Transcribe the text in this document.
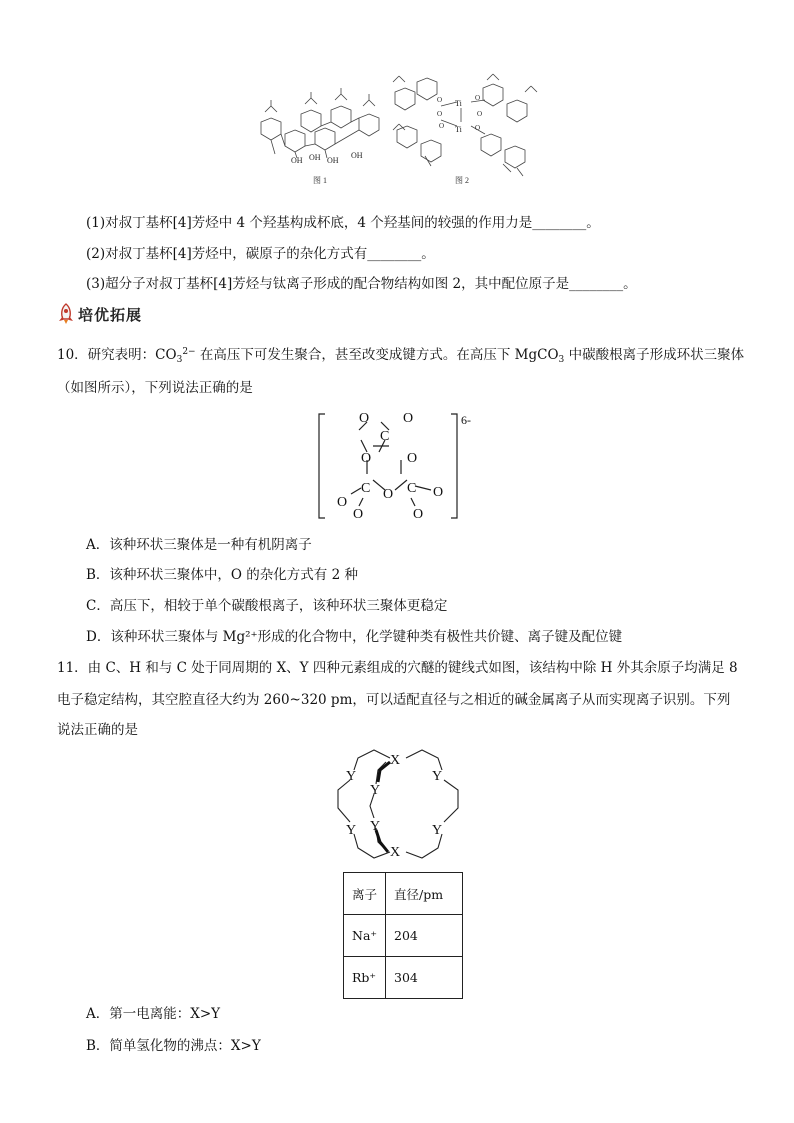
OH OH OH
OH
图 1
Ti
Ti
O
O
O
O
O
O
图 2
(1)对叔丁基杯[4]芳烃中 4 个羟基构成杯底，4 个羟基间的较强的作用力是________。
(2)对叔丁基杯[4]芳烃中，碳原子的杂化方式有________。
(3)超分子对叔丁基杯[4]芳烃与钛离子形成的配合物结构如图 2，其中配位原子是________。
培优拓展
10．研究表明：$CO_3^{2-}$ 在高压下可发生聚合，甚至改变成键方式。在高压下 MgCO$_3$ 中碳酸根离子形成环状三聚体
（如图所示），下列说法正确的是
O O
C
O	O
C O C
O
O
O
O
6-
A．该种环状三聚体是一种有机阴离子
B．该种环状三聚体中，O 的杂化方式有 2 种
C．高压下，相较于单个碳酸根离子，该种环状三聚体更稳定
D．该种环状三聚体与 Mg²⁺形成的化合物中，化学键种类有极性共价键、离子键及配位键
11．由 C、H 和与 C 处于同周期的 X、Y 四种元素组成的穴醚的键线式如图，该结构中除 H 外其余原子均满足 8
电子稳定结构，其空腔直径大约为 260~320 pm，可以适配直径与之相近的碱金属离子从而实现离子识别。下列
说法正确的是
X
X
Y	Y
Y
Y	Y
Y
离子	直径/pm
Na⁺	204
Rb⁺	304
A．第一电离能：X>Y
B．简单氢化物的沸点：X>Y
